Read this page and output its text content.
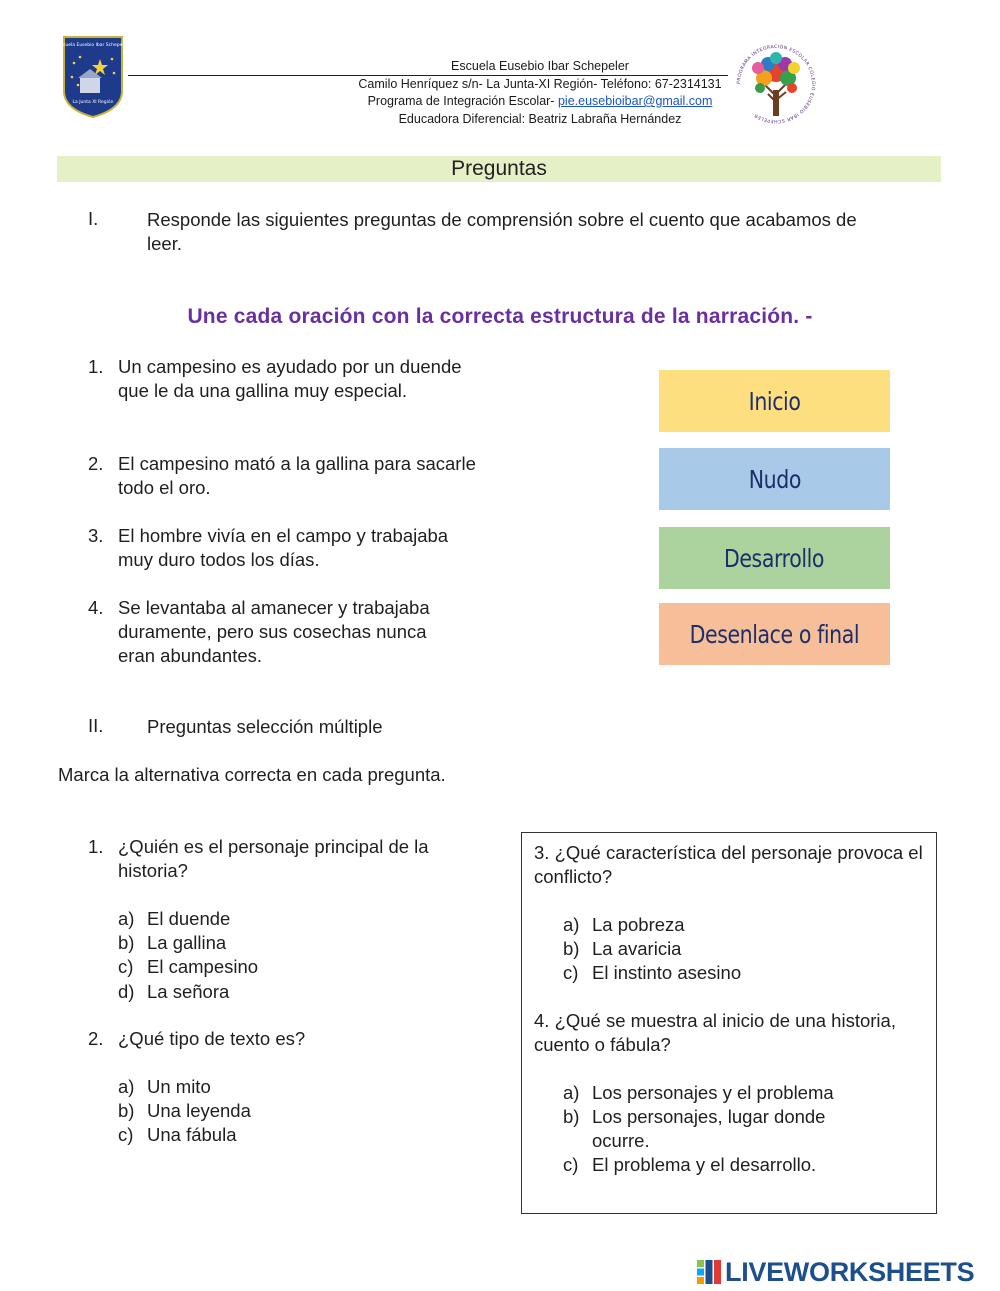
Escuela Eusebio Ibar Schepeler
La Junta XI Región
Escuela Eusebio Ibar Schepeler
Camilo Henríquez s/n- La Junta-XI Región- Teléfono: 67-2314131
Programa de Integración Escolar- pie.eusebioibar@gmail.com
Educadora Diferencial: Beatriz Labraña Hernández
PROGRAMA INTEGRACIÓN ESCOLAR COLEGIO EUSEBIO IBAR SCHEPELER
Preguntas
I.	Responde las siguientes preguntas de comprensión sobre el cuento que acabamos de leer.
Une cada oración con la correcta estructura de la narración. -
1. Un campesino es ayudado por un duende que le da una gallina muy especial.
2. El campesino mató a la gallina para sacarle todo el oro.
3. El hombre vivía en el campo y trabajaba muy duro todos los días.
4. Se levantaba al amanecer y trabajaba duramente, pero sus cosechas nunca eran abundantes.
Inicio
Nudo
Desarrollo
Desenlace o final
II. Preguntas selección múltiple
Marca la alternativa correcta en cada pregunta.
1. ¿Quién es el personaje principal de la historia?
a) El duende
b) La gallina
c) El campesino
d) La señora
2. ¿Qué tipo de texto es?
a) Un mito
b) Una leyenda
c) Una fábula
3. ¿Qué característica del personaje provoca el conflicto?
a) La pobreza
b) La avaricia
c) El instinto asesino
4. ¿Qué se muestra al inicio de una historia, cuento o fábula?
a) Los personajes y el problema
b) Los personajes, lugar donde ocurre.
c) El problema y el desarrollo.
LIVEWORKSHEETS
